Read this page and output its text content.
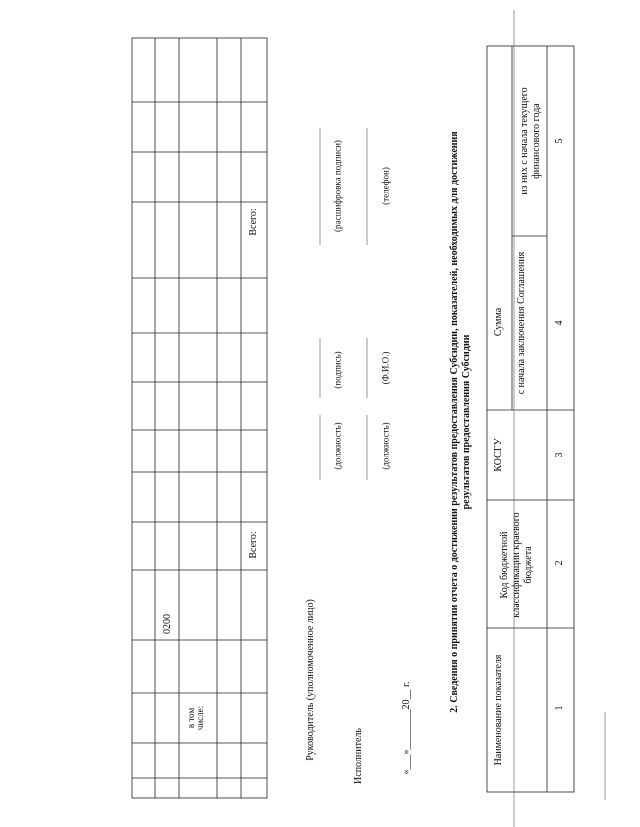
в том числе:
0200
Всего:
Всего:
Руководитель (уполномоченное лицо)
(должность)
(подпись)
(расшифровка подписи)
Исполнитель
(должность)
(Ф.И.О.)
(телефон)
«___»________20__ г.
2. Сведения о принятии отчета о достижении результатов предоставления Субсидии, показателей, необходимых для достижения результатов предоставления Субсидии
Наименование показателя
Код бюджетной классификации краевого бюджета
КОСГУ
Сумма с начала заключения Соглашения
из них с начала текущего финансового года
1
2
3
4
5
